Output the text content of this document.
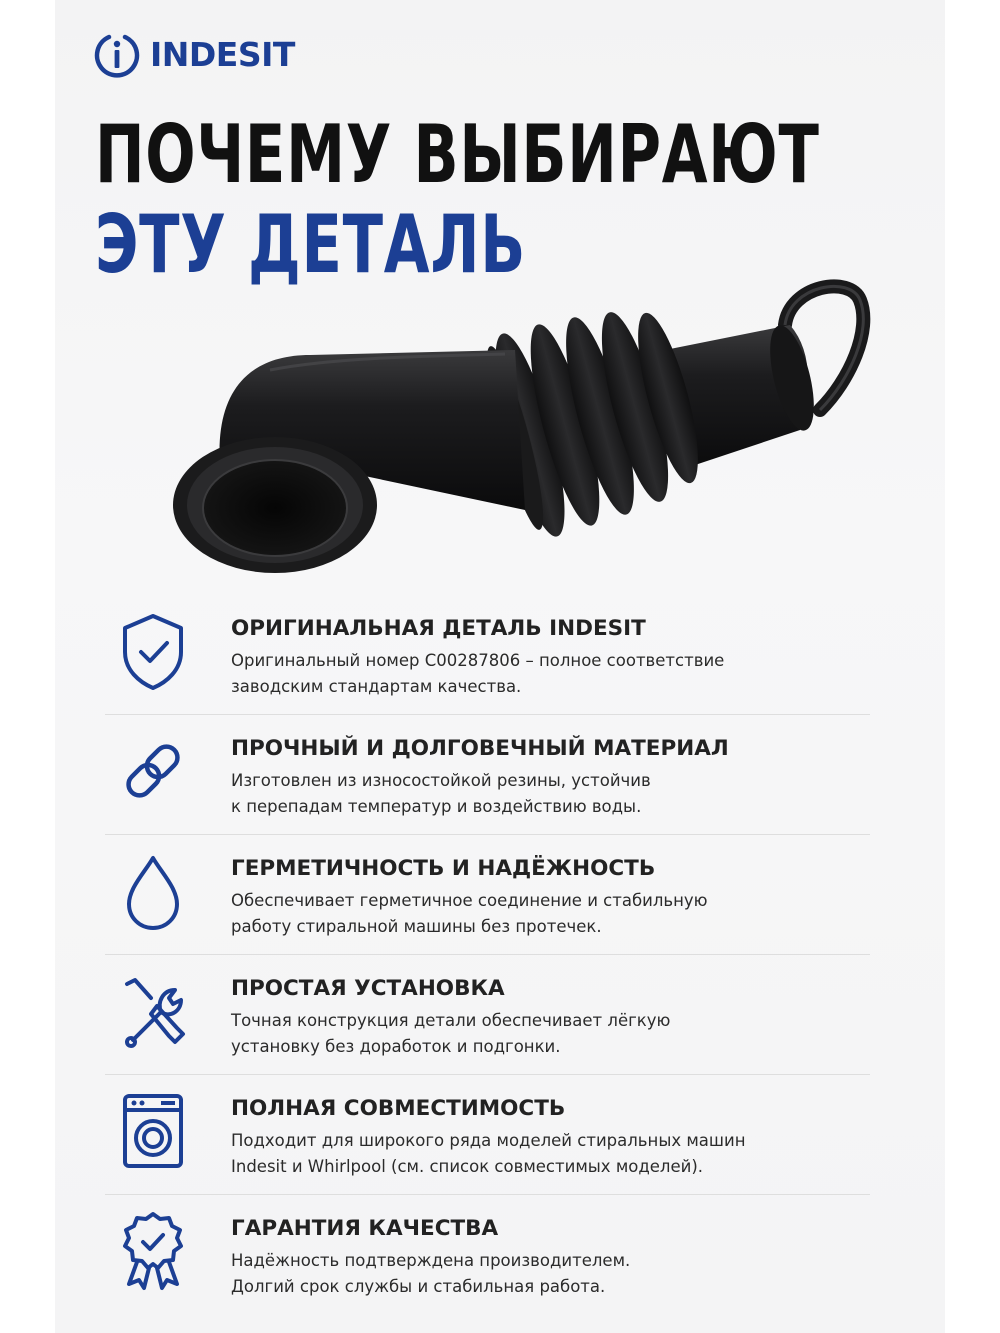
INDESIT
ПОЧЕМУ ВЫБИРАЮТ
ЭТУ ДЕТАЛЬ
ОРИГИНАЛЬНАЯ ДЕТАЛЬ INDESIT
Оригинальный номер C00287806 – полное соответствие
заводским стандартам качества.
ПРОЧНЫЙ И ДОЛГОВЕЧНЫЙ МАТЕРИАЛ
Изготовлен из износостойкой резины, устойчив
к перепадам температур и воздействию воды.
ГЕРМЕТИЧНОСТЬ И НАДЁЖНОСТЬ
Обеспечивает герметичное соединение и стабильную
работу стиральной машины без протечек.
ПРОСТАЯ УСТАНОВКА
Точная конструкция детали обеспечивает лёгкую
установку без доработок и подгонки.
ПОЛНАЯ СОВМЕСТИМОСТЬ
Подходит для широкого ряда моделей стиральных машин
Indesit и Whirlpool (см. список совместимых моделей).
ГАРАНТИЯ КАЧЕСТВА
Надёжность подтверждена производителем.
Долгий срок службы и стабильная работа.
